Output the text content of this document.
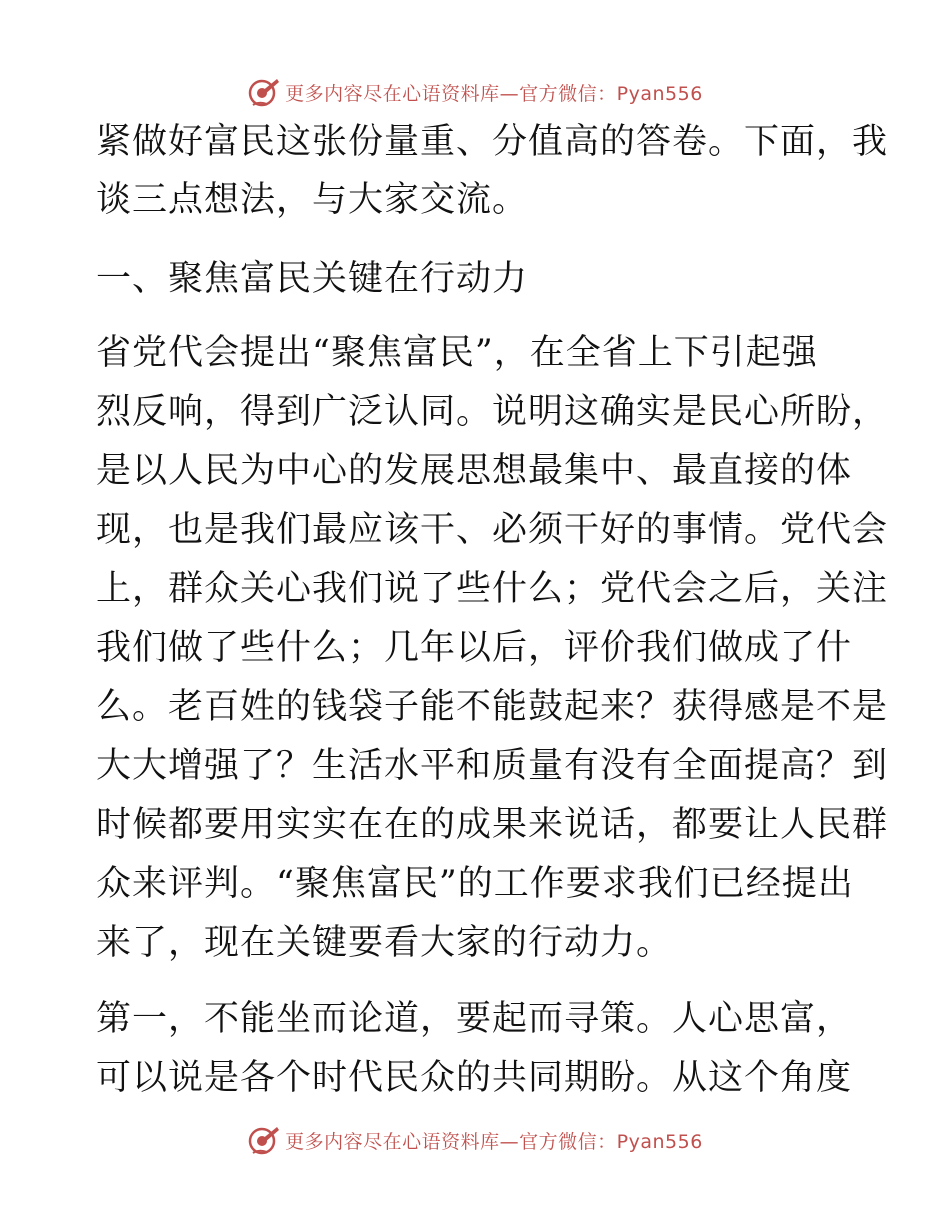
更多内容尽在心语资料库—官方微信：Pyan556
紧做好富民这张份量重、分值高的答卷。下面，我
谈三点想法，与大家交流。
一、聚焦富民关键在行动力
省党代会提出“聚焦富民”，在全省上下引起强
烈反响，得到广泛认同。说明这确实是民心所盼，
是以人民为中心的发展思想最集中、最直接的体
现，也是我们最应该干、必须干好的事情。党代会
上，群众关心我们说了些什么；党代会之后，关注
我们做了些什么；几年以后，评价我们做成了什
么。老百姓的钱袋子能不能鼓起来？获得感是不是
大大增强了？生活水平和质量有没有全面提高？到
时候都要用实实在在的成果来说话，都要让人民群
众来评判。“聚焦富民”的工作要求我们已经提出
来了，现在关键要看大家的行动力。
第一，不能坐而论道，要起而寻策。人心思富，
可以说是各个时代民众的共同期盼。从这个角度
更多内容尽在心语资料库—官方微信：Pyan556
